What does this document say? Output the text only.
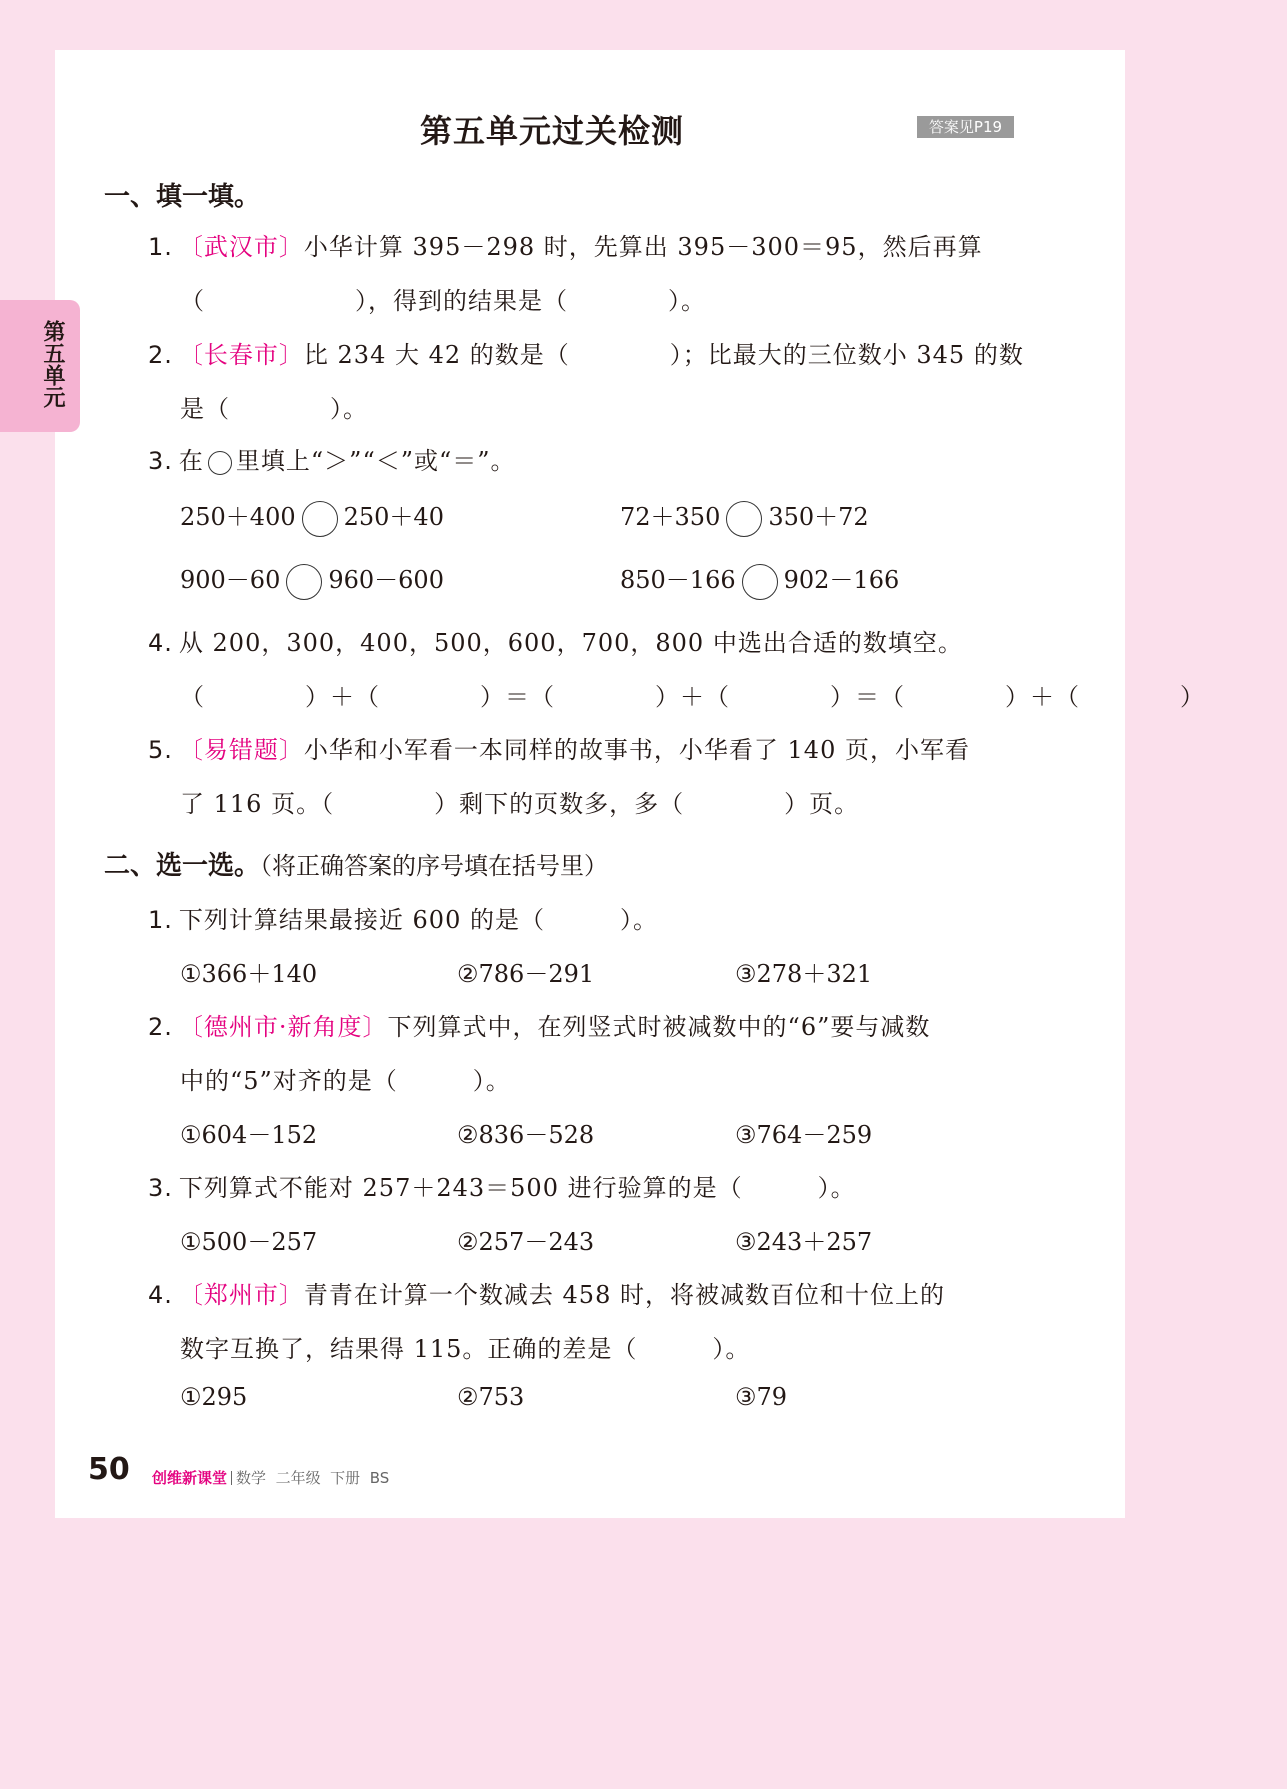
第五单元
第五单元过关检测	答案见P19
一、填一填。
1. 〔武汉市〕小华计算 395－298 时，先算出 395－300＝95，然后再算
（　　　　　　），得到的结果是（　　　　）。
2. 〔长春市〕比 234 大 42 的数是（　　　　）；比最大的三位数小 345 的数
是（　　　　）。
3. 在 里填上“＞”“＜”或“＝”。
250＋400 250＋40	72＋350 350＋72
900－60 960－600	850－166 902－166
4. 从 200，300，400，500，600，700，800 中选出合适的数填空。
（　　　　）＋（　　　　）＝（　　　　）＋（　　　　）＝（　　　　）＋（　　　　）
5. 〔易错题〕小华和小军看一本同样的故事书，小华看了 140 页，小军看
了 116 页。（　　　　）剩下的页数多，多（　　　　）页。
二、选一选。（将正确答案的序号填在括号里）
1. 下列计算结果最接近 600 的是（　　　）。
①366＋140	②786－291	③278＋321
2. 〔德州市·新角度〕下列算式中，在列竖式时被减数中的“6”要与减数
中的“5”对齐的是（　　　）。
①604－152	②836－528	③764－259
3. 下列算式不能对 257＋243＝500 进行验算的是（　　　）。
①500－257	②257－243	③243＋257
4. 〔郑州市〕青青在计算一个数减去 458 时，将被减数百位和十位上的
数字互换了，结果得 115。正确的差是（　　　）。
①295	②753	③79
50 创维新课堂 数学 二年级 下册 BS
